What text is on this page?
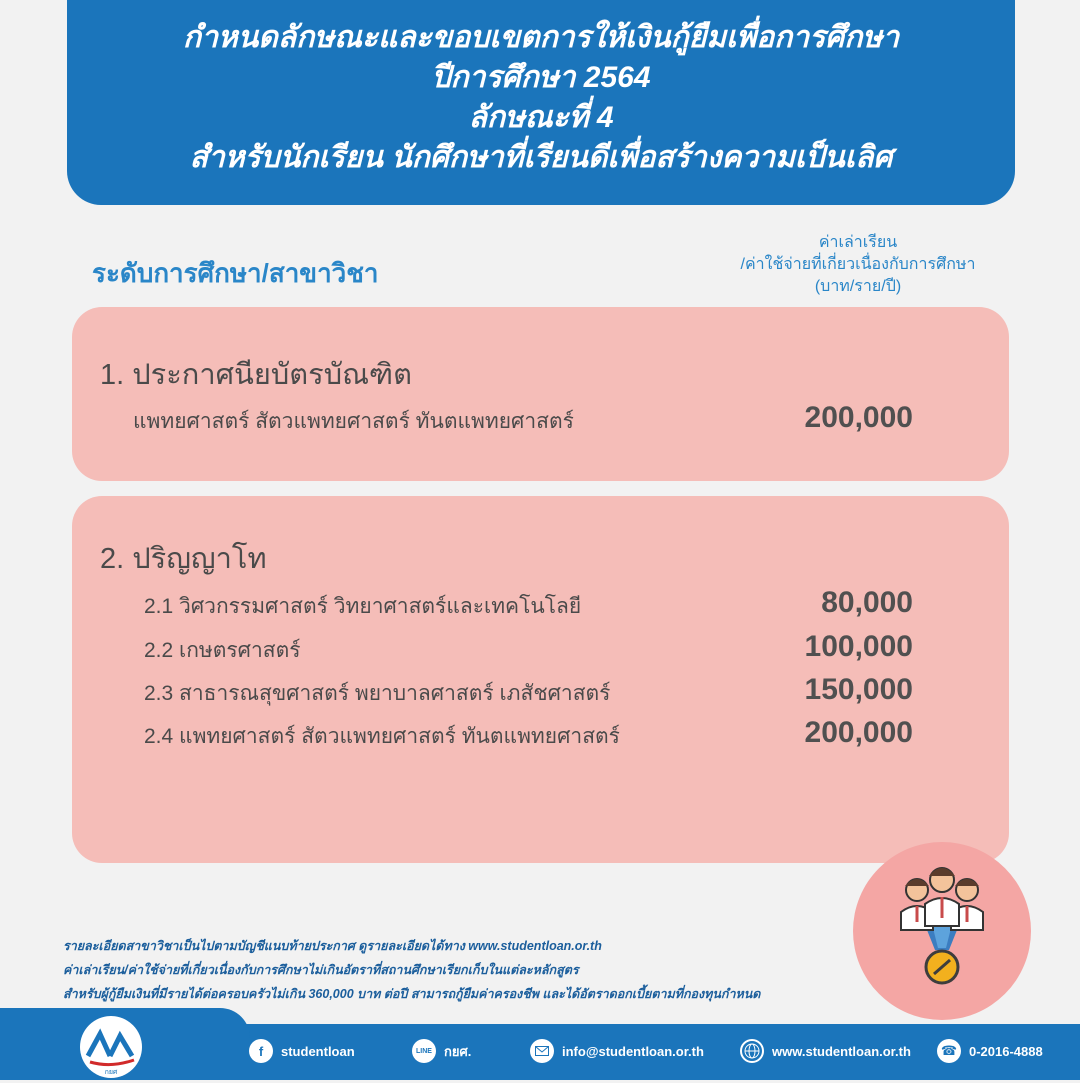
กำหนดลักษณะและขอบเขตการให้เงินกู้ยืมเพื่อการศึกษา
ปีการศึกษา 2564
ลักษณะที่ 4
สำหรับนักเรียน นักศึกษาที่เรียนดีเพื่อสร้างความเป็นเลิศ
ระดับการศึกษา/สาขาวิชา
ค่าเล่าเรียน
/ค่าใช้จ่ายที่เกี่ยวเนื่องกับการศึกษา
(บาท/ราย/ปี)
1. ประกาศนียบัตรบัณฑิต
แพทยศาสตร์ สัตวแพทยศาสตร์ ทันตแพทยศาสตร์	200,000
2. ปริญญาโท
2.1 วิศวกรรมศาสตร์ วิทยาศาสตร์และเทคโนโลยี	80,000
2.2 เกษตรศาสตร์	100,000
2.3 สาธารณสุขศาสตร์ พยาบาลศาสตร์ เภสัชศาสตร์	150,000
2.4 แพทยศาสตร์ สัตวแพทยศาสตร์ ทันตแพทยศาสตร์	200,000
รายละเอียดสาขาวิชาเป็นไปตามบัญชีแนบท้ายประกาศ ดูรายละเอียดได้ทาง www.studentloan.or.th
ค่าเล่าเรียน/ค่าใช้จ่ายที่เกี่ยวเนื่องกับการศึกษาไม่เกินอัตราที่สถานศึกษาเรียกเก็บในแต่ละหลักสูตร
สำหรับผู้กู้ยืมเงินที่มีรายได้ต่อครอบครัวไม่เกิน 360,000 บาท ต่อปี สามารถกู้ยืมค่าครองชีพ และได้อัตราดอกเบี้ยตามที่กองทุนกำหนด
กยศ
f	studentloan	LINE กยศ.	info@studentloan.or.th	www.studentloan.or.th ☎ 0-2016-4888
